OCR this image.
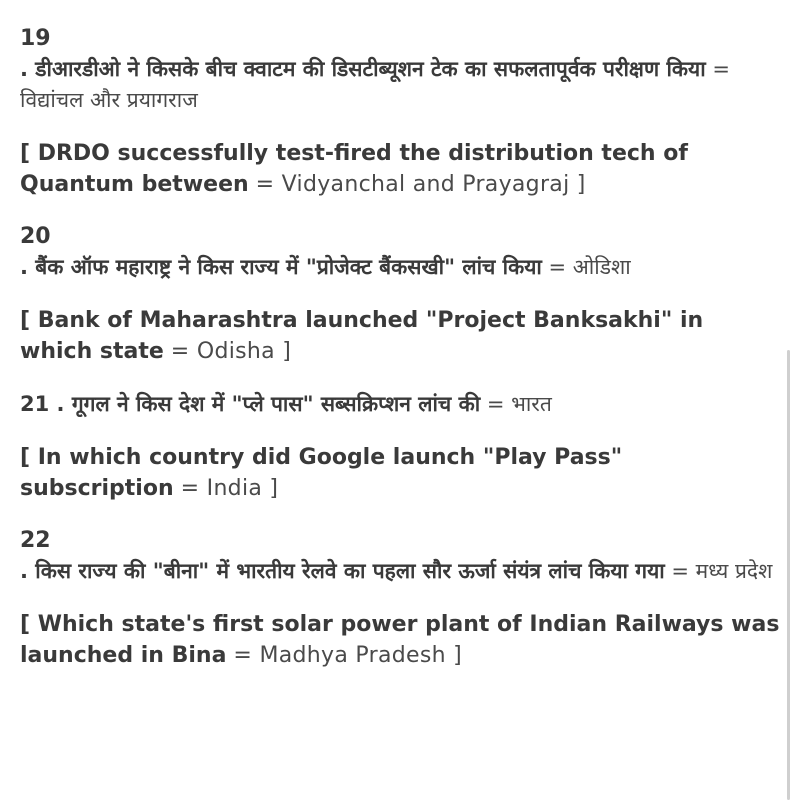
19
. डीआरडीओ ने किसके बीच क्वाटम की डिसटीब्यूशन टेक का सफलतापूर्वक परीक्षण किया = विद्यांचल और प्रयागराज
[ DRDO successfully test-fired the distribution tech of Quantum between = Vidyanchal and Prayagraj ]
20
. बैंक ऑफ महाराष्ट्र ने किस राज्य में "प्रोजेक्ट बैंकसखी" लांच किया = ओडिशा
[ Bank of Maharashtra launched "Project Banksakhi" in which state = Odisha ]
21 . गूगल ने किस देश में "प्ले पास" सब्सक्रिप्शन लांच की = भारत
[ In which country did Google launch "Play Pass" subscription = India ]
22
. किस राज्य की "बीना" में भारतीय रेलवे का पहला सौर ऊर्जा संयंत्र लांच किया गया = मध्य प्रदेश
[ Which state's first solar power plant of Indian Railways was launched in Bina = Madhya Pradesh ]
